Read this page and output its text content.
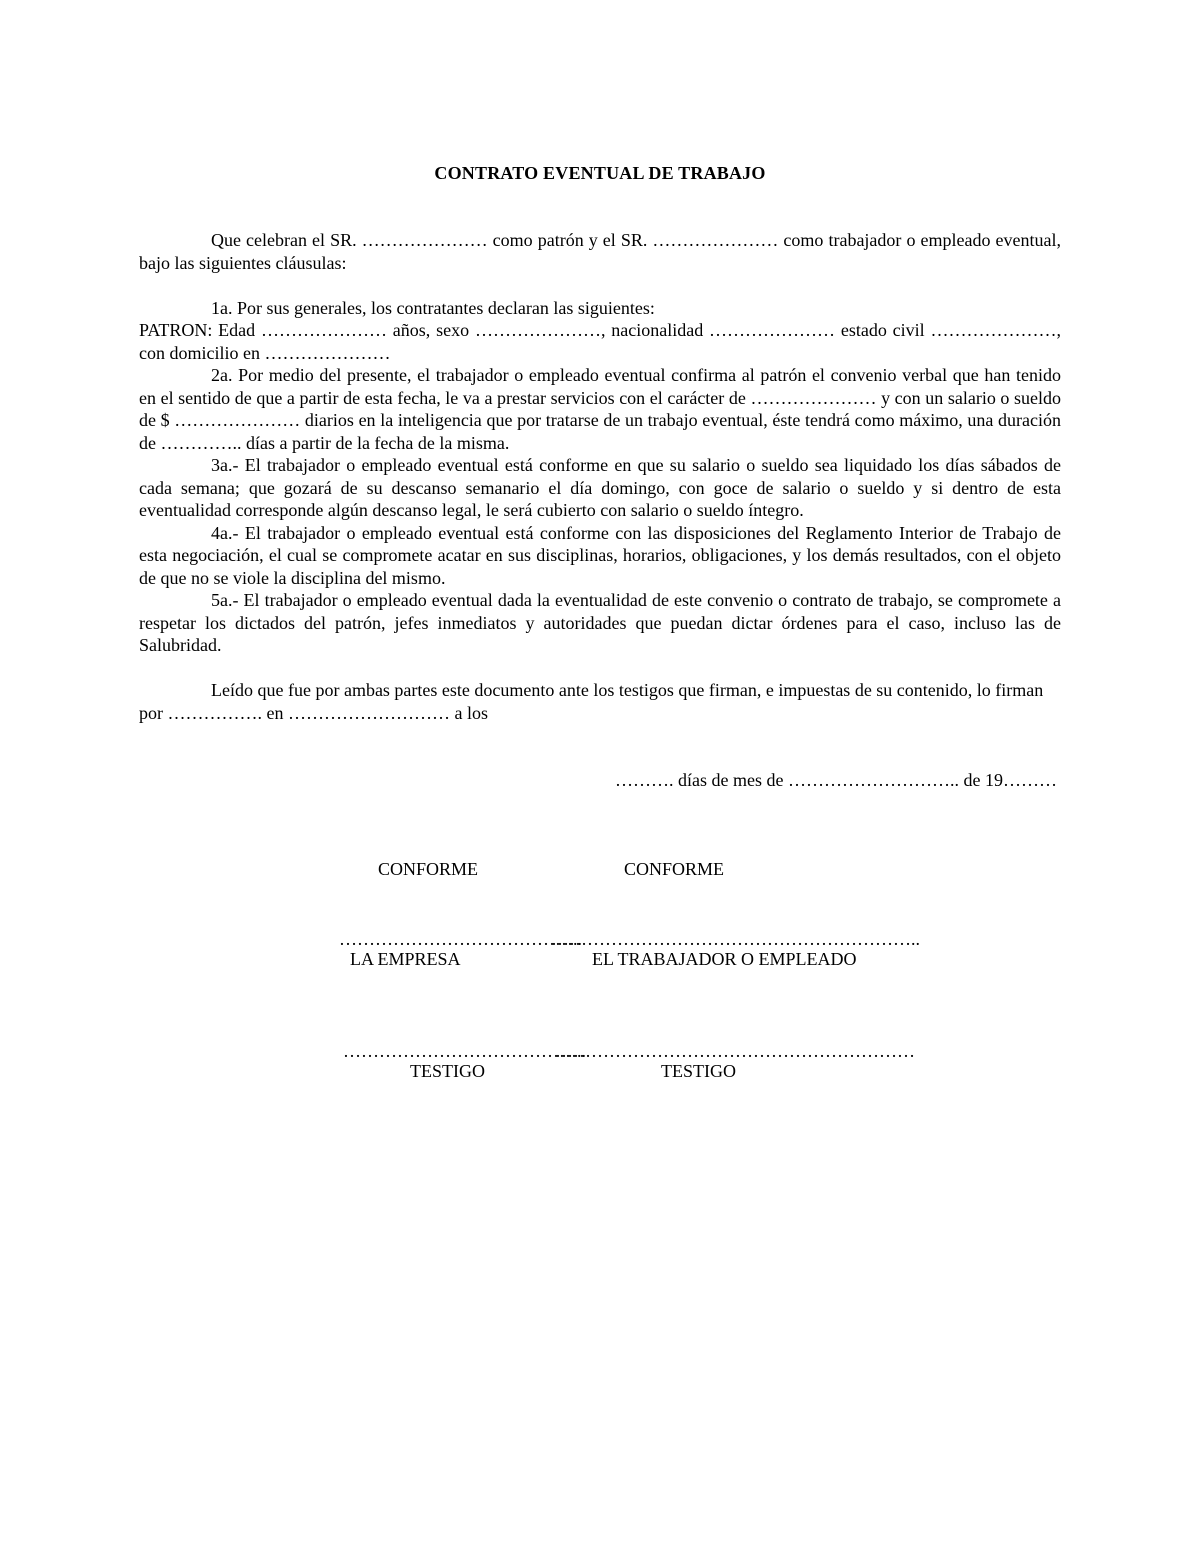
CONTRATO EVENTUAL DE TRABAJO

Que celebran el SR. ………………… como patrón y el SR. ………………… como trabajador o empleado eventual, bajo las siguientes cláusulas:

1a. Por sus generales, los contratantes declaran las siguientes:

PATRON: Edad ………………… años, sexo …………………, nacionalidad ………………… estado civil …………………, con domicilio en …………………

2a. Por medio del presente, el trabajador o empleado eventual confirma al patrón el convenio verbal que han tenido en el sentido de que a partir de esta fecha, le va a prestar servicios con el carácter de ………………… y con un salario o sueldo de $ ………………… diarios en la inteligencia que por tratarse de un trabajo eventual, éste tendrá como máximo, una duración de ………….. días a partir de la fecha de la misma.

3a.- El trabajador o empleado eventual está conforme en que su salario o sueldo sea liquidado los días sábados de cada semana; que gozará de su descanso semanario el día domingo, con goce de salario o sueldo y si dentro de esta eventualidad corresponde algún descanso legal, le será cubierto con salario o sueldo íntegro.

4a.- El trabajador o empleado eventual está conforme con las disposiciones del Reglamento Interior de Trabajo de esta negociación, el cual se compromete acatar en sus disciplinas, horarios, obligaciones, y los demás resultados, con el objeto de que no se viole la disciplina del mismo.

5a.- El trabajador o empleado eventual dada la eventualidad de este convenio o contrato de trabajo, se compromete a respetar los dictados del patrón, jefes inmediatos y autoridades que puedan dictar órdenes para el caso, incluso las de Salubridad.

Leído que fue por ambas partes este documento ante los testigos que firman, e impuestas de su contenido, lo firman por ……………. en ……………………… a los

………. días de mes de ……………………….. de 19………
CONFORME	CONFORME
…………………………………..
……………………………………………………..
LA EMPRESA	EL TRABAJADOR O EMPLEADO
…………………………………..
……………………………………………………
TESTIGO	TESTIGO
